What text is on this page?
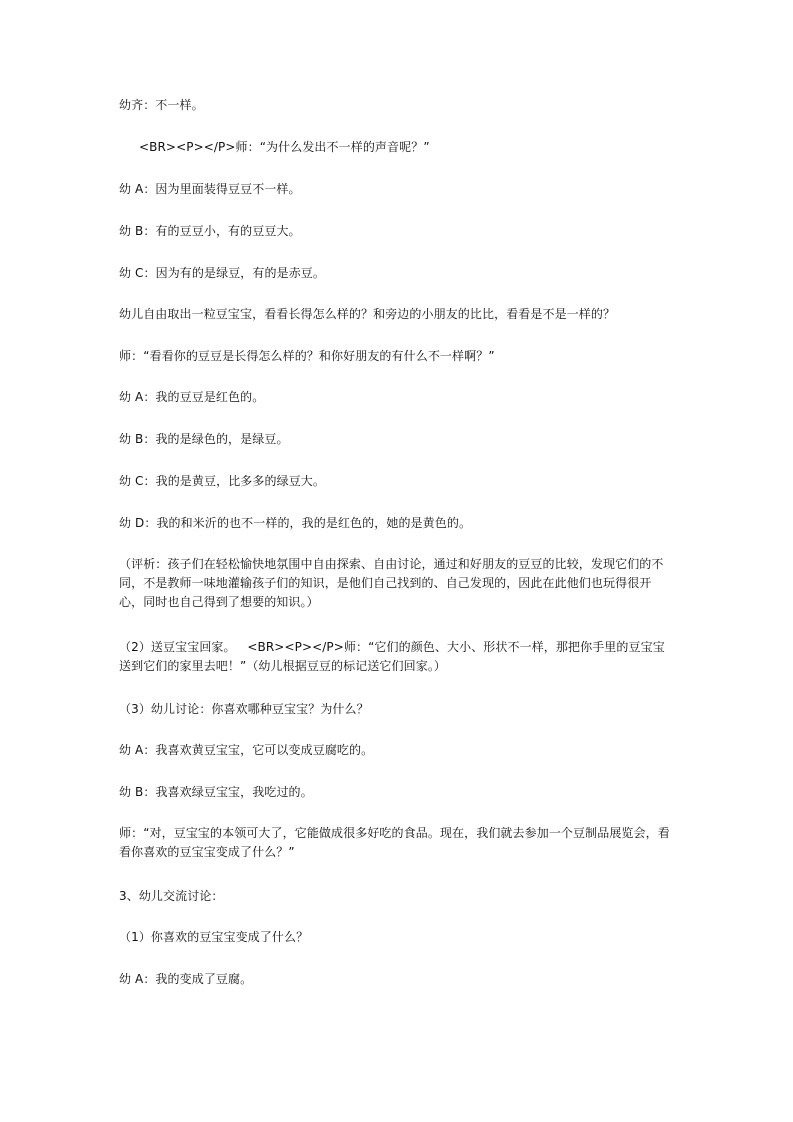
幼齐：不一样。
<BR><P></P>师：“为什么发出不一样的声音呢？”
幼 A：因为里面装得豆豆不一样。
幼 B：有的豆豆小，有的豆豆大。
幼 C：因为有的是绿豆，有的是赤豆。
幼儿自由取出一粒豆宝宝，看看长得怎么样的？和旁边的小朋友的比比，看看是不是一样的？
师：“看看你的豆豆是长得怎么样的？和你好朋友的有什么不一样啊？”
幼 A：我的豆豆是红色的。
幼 B：我的是绿色的，是绿豆。
幼 C：我的是黄豆，比多多的绿豆大。
幼 D：我的和米沂的也不一样的，我的是红色的，她的是黄色的。
（评析：孩子们在轻松愉快地氛围中自由探索、自由讨论，通过和好朋友的豆豆的比较，发现它们的不同，不是教师一味地灌输孩子们的知识，是他们自己找到的、自己发现的，因此在此他们也玩得很开心，同时也自己得到了想要的知识。）
（2）送豆宝宝回家。   <BR><P></P>师：“它们的颜色、大小、形状不一样，那把你手里的豆宝宝送到它们的家里去吧！”（幼儿根据豆豆的标记送它们回家。）
（3）幼儿讨论：你喜欢哪种豆宝宝？为什么？
幼 A：我喜欢黄豆宝宝，它可以变成豆腐吃的。
幼 B：我喜欢绿豆宝宝，我吃过的。
师：“对，豆宝宝的本领可大了，它能做成很多好吃的食品。现在，我们就去参加一个豆制品展览会，看看你喜欢的豆宝宝变成了什么？”
3、幼儿交流讨论：
（1）你喜欢的豆宝宝变成了什么？
幼 A：我的变成了豆腐。
